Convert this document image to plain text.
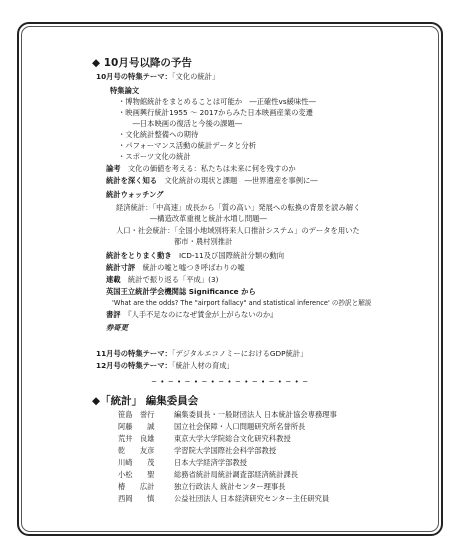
◆ 10月号以降の予告
10月号の特集テーマ：「文化の統計」
特集論文
・博物館統計をまとめることは可能か　―正確性vs緩味性―
・映画興行統計1955 ～ 2017からみた日本映画産業の変遷
　　―日本映画の復活と今後の課題―
・文化統計整備への期待
・パフォーマンス活動の統計データと分析
・スポーツ文化の統計
論考　 文化の価値を考える：私たちは未来に何を残すのか
統計を深く知る　 文化統計の現状と課題　―世界遺産を事例に―
統計ウォッチング
経済統計：「中高速」成長から「質の高い」発展への転換の背景を読み解く
―構造改革重視と統計水増し問題―
人口・社会統計：「全国小地域別将来人口推計システム」のデータを用いた
都市・農村別推計
統計をとりまく動き　 ICD-11及び国際統計分類の動向
統計寸評　 統計の嘘と嘘つき呼ばわりの嘘
連載　 統計で振り返る「平成」(3)
英国王立統計学会機関誌 Significance から
'What are the odds? The "airport fallacy" and statistical inference' の抄訳と解説
書評　 『人手不足なのになぜ賃金が上がらないのか』
券哥更
11月号の特集テーマ：「デジタルエコノミーにおけるGDP統計」
12月号の特集テーマ：「統計人材の育成」
─ • ─ • ─ • ─ • ─ • ─ • ─ • ─ • ─ • ─
◆「統計」 編集委員会
笹島　誉行	編集委員長・一般財団法人 日本統計協会専務理事
阿藤　　誠	国立社会保障・人口問題研究所名誉所長
荒井　良雄	東京大学大学院総合文化研究科教授
乾　　友彦	学習院大学国際社会科学部教授
川崎　　茂	日本大学経済学部教授
小松　　聖	総務省統計局統計調査部経済統計課長
椿　　広計	独立行政法人 統計センター理事長
西岡　　慎	公益社団法人 日本経済研究センター主任研究員
